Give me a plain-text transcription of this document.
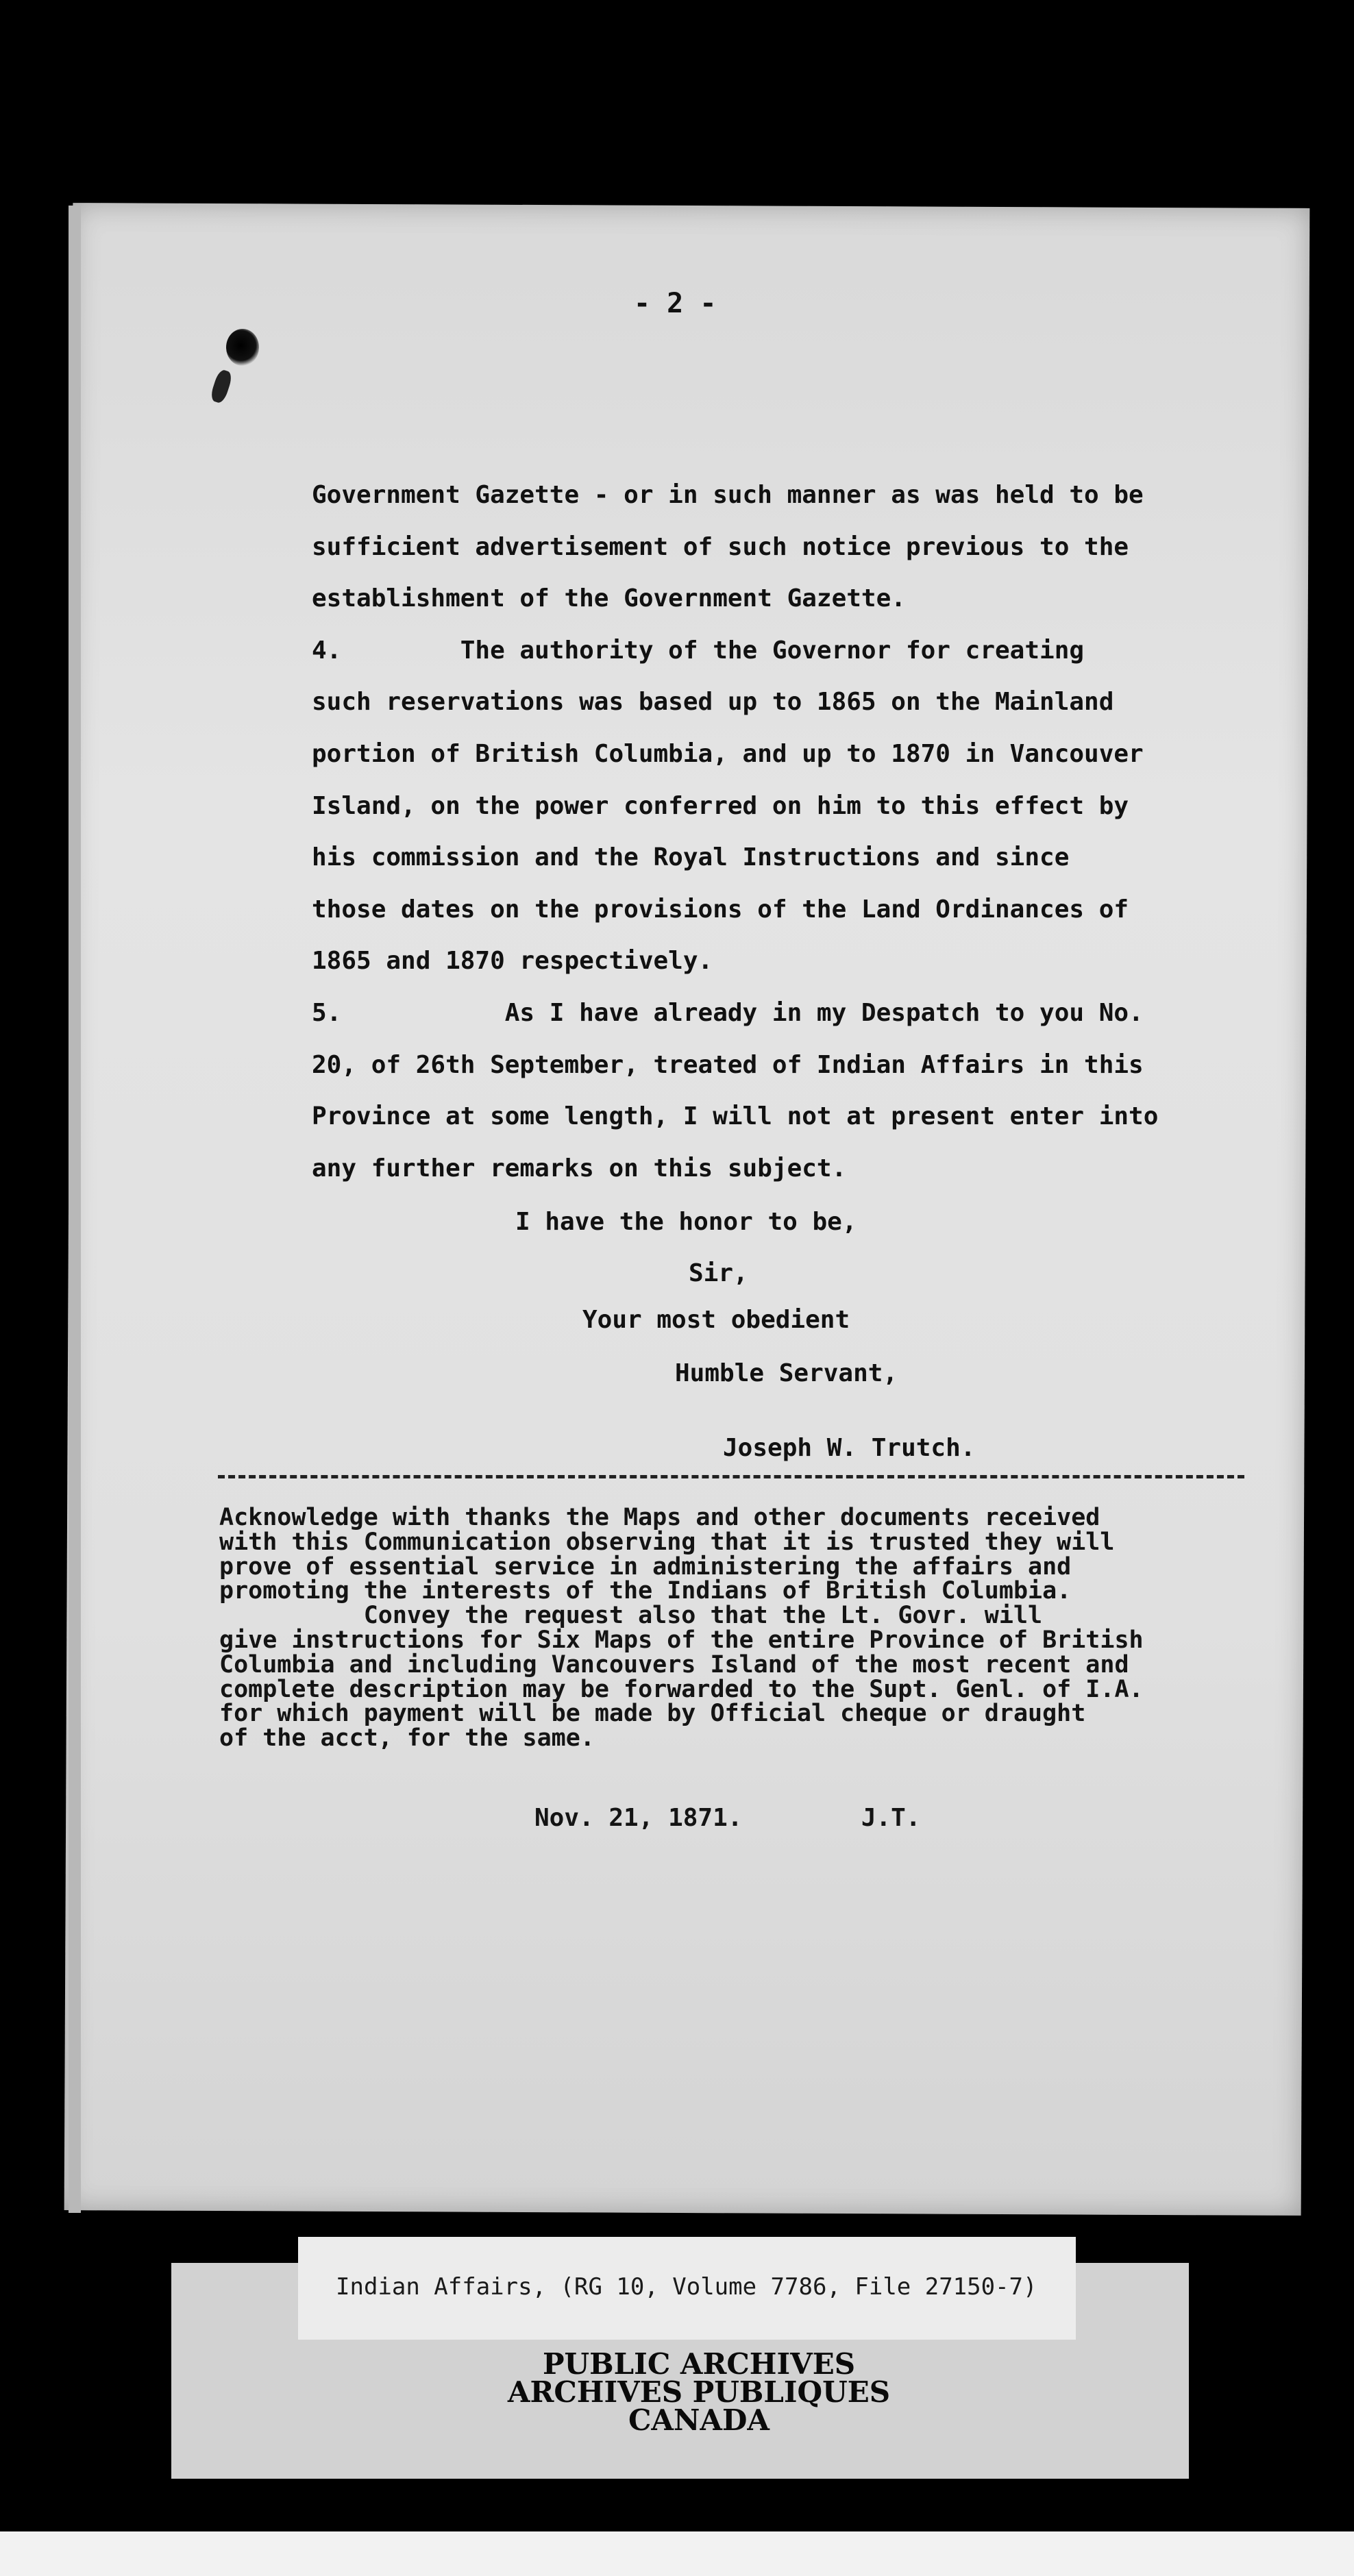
- 2 -
Government Gazette - or in such manner as was held to be
sufficient advertisement of such notice previous to the
establishment of the Government Gazette.
4.        The authority of the Governor for creating
such reservations was based up to 1865 on the Mainland
portion of British Columbia, and up to 1870 in Vancouver
Island, on the power conferred on him to this effect by
his commission and the Royal Instructions and since
those dates on the provisions of the Land Ordinances of
1865 and 1870 respectively.
5.           As I have already in my Despatch to you No.
20, of 26th September, treated of Indian Affairs in this
Province at some length, I will not at present enter into
any further remarks on this subject.
I have the honor to be,
Sir,
Your most obedient
Humble Servant,
Joseph W. Trutch.
Acknowledge with thanks the Maps and other documents received
with this Communication observing that it is trusted they will
prove of essential service in administering the affairs and
promoting the interests of the Indians of British Columbia.
Convey the request also that the Lt. Govr. will
give instructions for Six Maps of the entire Province of British
Columbia and including Vancouvers Island of the most recent and
complete description may be forwarded to the Supt. Genl. of I.A.
for which payment will be made by Official cheque or draught
of the acct, for the same.
Nov. 21, 1871.        J.T.
Indian Affairs, (RG 10, Volume 7786, File 27150-7)
PUBLIC ARCHIVES
ARCHIVES PUBLIQUES
CANADA
